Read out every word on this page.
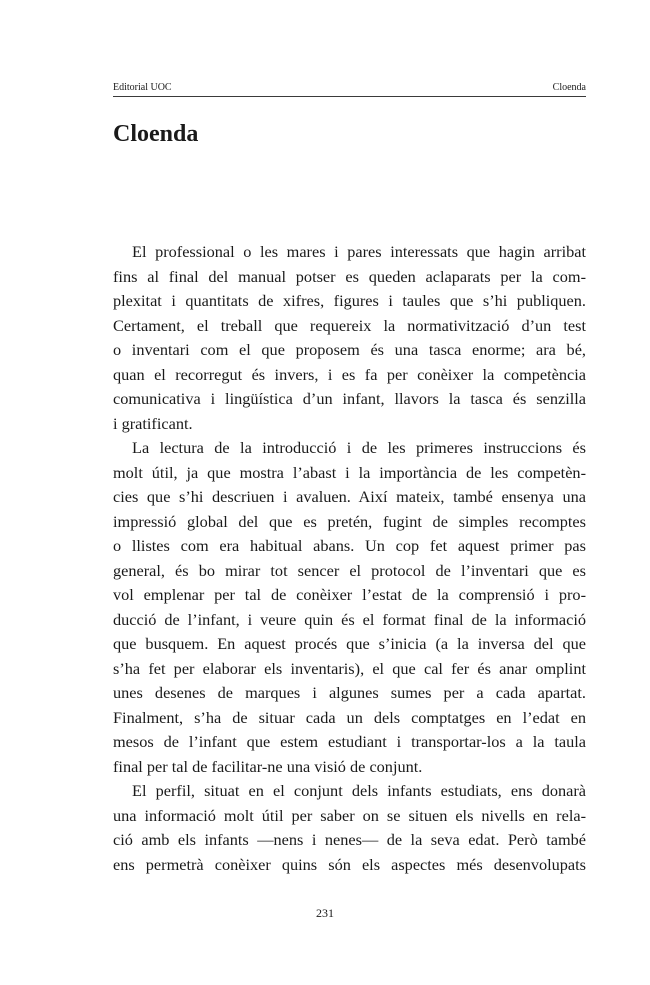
Editorial UOC	Cloenda
Cloenda

El professional o les mares i pares interessats que hagin arribat
fins al final del manual potser es queden aclaparats per la com-
plexitat i quantitats de xifres, figures i taules que s’hi publiquen.
Certament, el treball que requereix la normativització d’un test
o inventari com el que proposem és una tasca enorme; ara bé,
quan el recorregut és invers, i es fa per conèixer la competència
comunicativa i lingüística d’un infant, llavors la tasca és senzilla
i gratificant.

La lectura de la introducció i de les primeres instruccions és
molt útil, ja que mostra l’abast i la importància de les competèn-
cies que s’hi descriuen i avaluen. Així mateix, també ensenya una
impressió global del que es pretén, fugint de simples recomptes
o llistes com era habitual abans. Un cop fet aquest primer pas
general, és bo mirar tot sencer el protocol de l’inventari que es
vol emplenar per tal de conèixer l’estat de la comprensió i pro-
ducció de l’infant, i veure quin és el format final de la informació
que busquem. En aquest procés que s’inicia (a la inversa del que
s’ha fet per elaborar els inventaris), el que cal fer és anar omplint
unes desenes de marques i algunes sumes per a cada apartat.
Finalment, s’ha de situar cada un dels comptatges en l’edat en
mesos de l’infant que estem estudiant i transportar-los a la taula
final per tal de facilitar-ne una visió de conjunt.

El perfil, situat en el conjunt dels infants estudiats, ens donarà
una informació molt útil per saber on se situen els nivells en rela-
ció amb els infants —nens i nenes— de la seva edat. Però també
ens permetrà conèixer quins són els aspectes més desenvolupats

231
